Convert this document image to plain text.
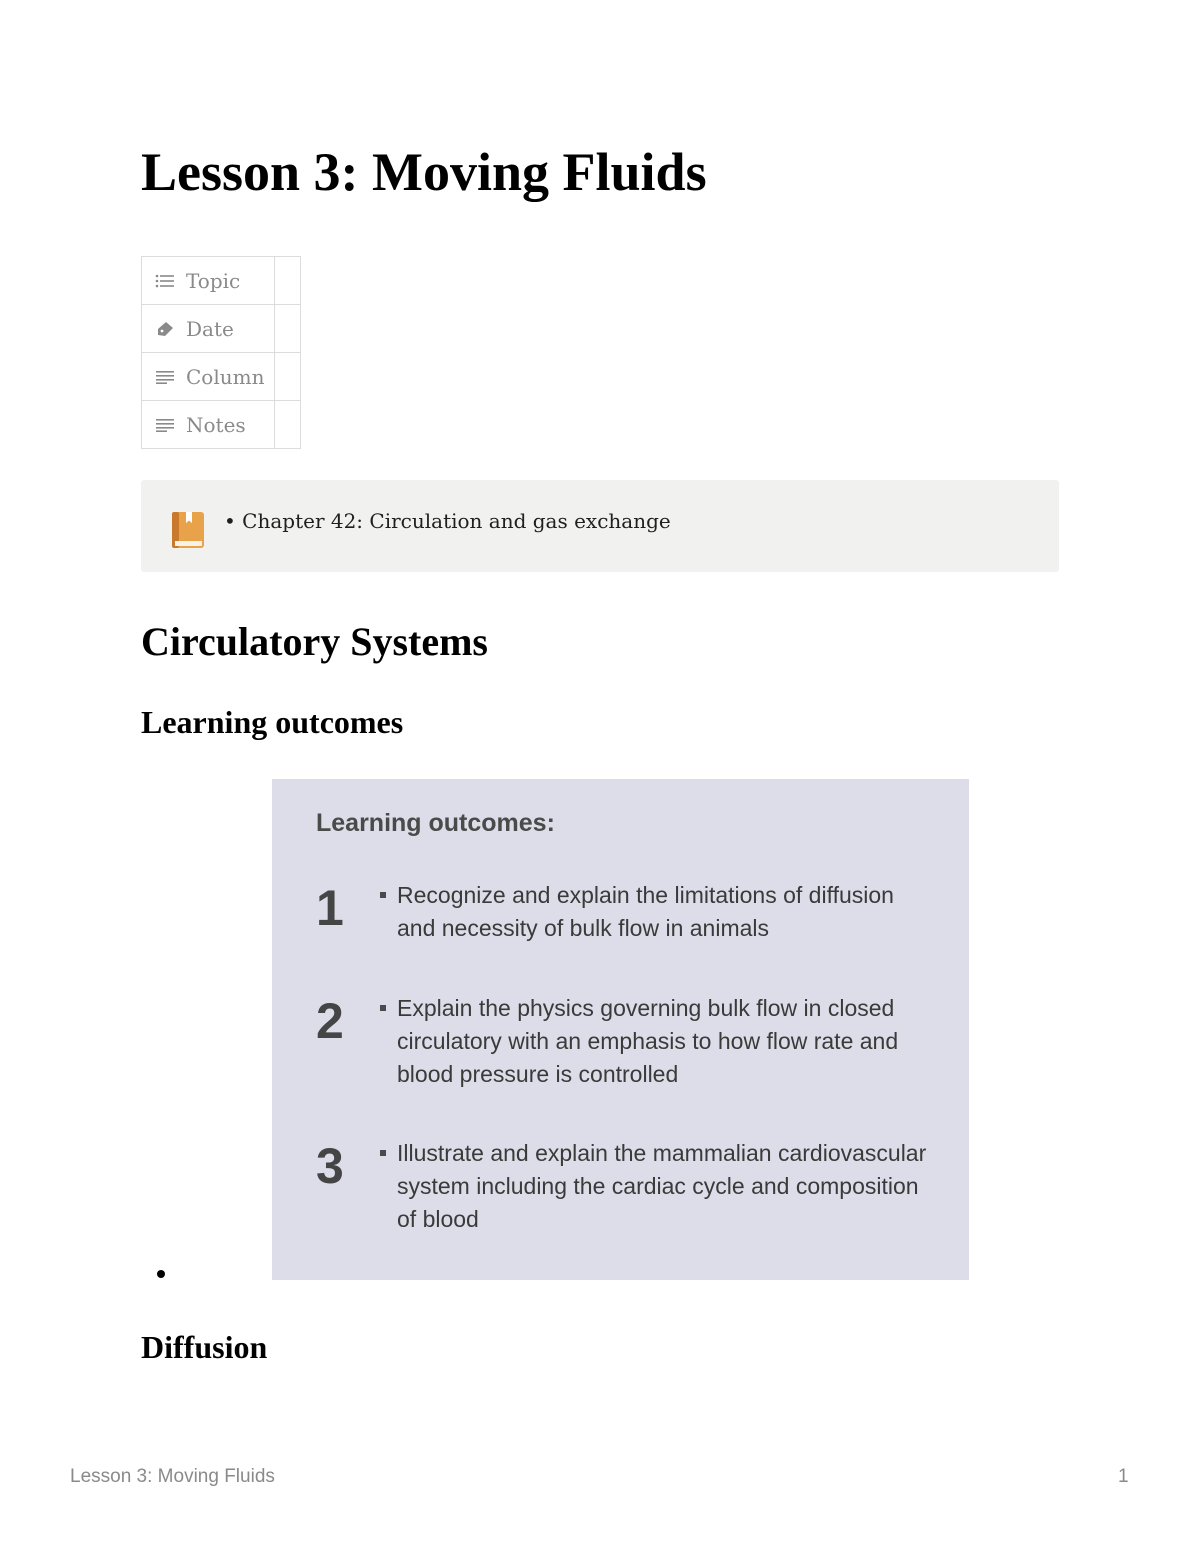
Lesson 3: Moving Fluids
Topic	

Date	

Column	

Notes	

• Chapter 42: Circulation and gas exchange
Circulatory Systems
Learning outcomes
Learning outcomes:
1 Recognize and explain the limitations of diffusion and necessity of bulk flow in animals
2 Explain the physics governing bulk flow in closed circulatory with an emphasis to how flow rate and blood pressure is controlled
3 Illustrate and explain the mammalian cardiovascular system including the cardiac cycle and composition of blood
Diffusion
Lesson 3: Moving Fluids	1
